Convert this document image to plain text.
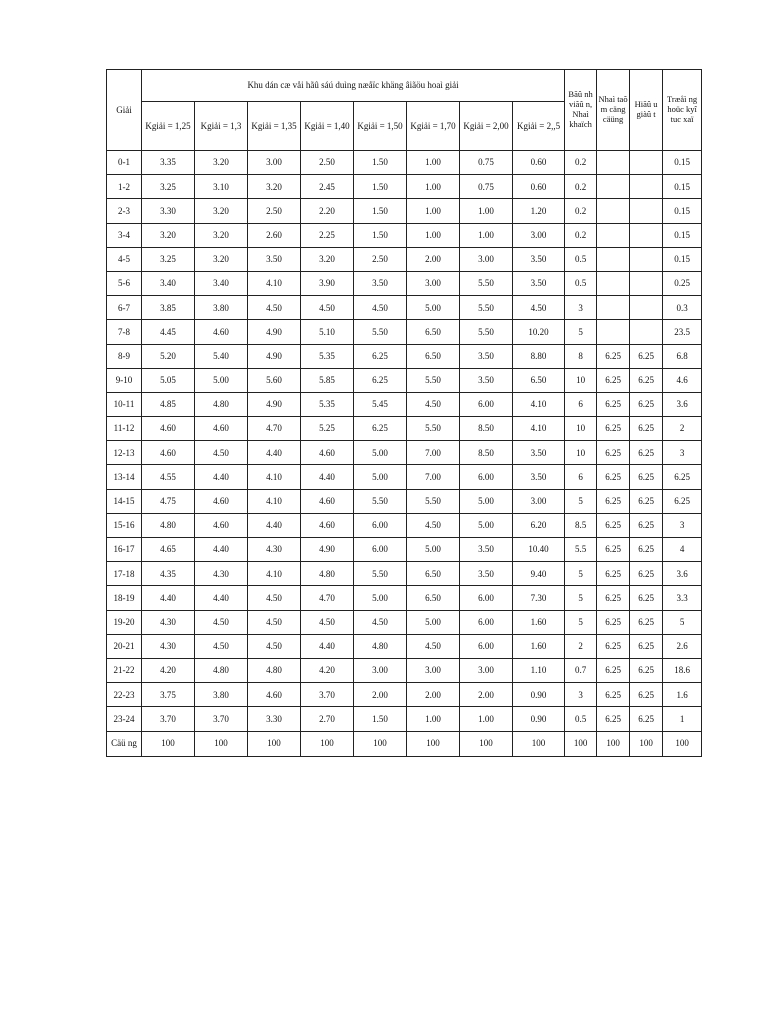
Giải	Khu dán cæ våi hãû sáú duìng næåïc khäng âiãöu hoaì giải								Bãû nh viãû n, Nhaì khaïch	Nhaì taõ m cäng cäüng	Hiãû u giàû t	Træåì ng hoüc kyî tuc xaï
	Kgiải = 1,25	Kgiải = 1,3	Kgiải = 1,35	Kgiải = 1,40	Kgiải = 1,50	Kgiải = 1,70	Kgiải = 2,00	Kgiải = 2,,5				
0-1	3.35	3.20	3.00	2.50	1.50	1.00	0.75	0.60	0.2			0.15
1-2	3.25	3.10	3.20	2.45	1.50	1.00	0.75	0.60	0.2			0.15
2-3	3.30	3.20	2.50	2.20	1.50	1.00	1.00	1.20	0.2			0.15
3-4	3.20	3.20	2.60	2.25	1.50	1.00	1.00	3.00	0.2			0.15
4-5	3.25	3.20	3.50	3.20	2.50	2.00	3.00	3.50	0.5			0.15
5-6	3.40	3.40	4.10	3.90	3.50	3.00	5.50	3.50	0.5			0.25
6-7	3.85	3.80	4.50	4.50	4.50	5.00	5.50	4.50	3			0.3
7-8	4.45	4.60	4.90	5.10	5.50	6.50	5.50	10.20	5			23.5
8-9	5.20	5.40	4.90	5.35	6.25	6.50	3.50	8.80	8	6.25	6.25	6.8
9-10	5.05	5.00	5.60	5.85	6.25	5.50	3.50	6.50	10	6.25	6.25	4.6
10-11	4.85	4.80	4.90	5.35	5.45	4.50	6.00	4.10	6	6.25	6.25	3.6
11-12	4.60	4.60	4.70	5.25	6.25	5.50	8.50	4.10	10	6.25	6.25	2
12-13	4.60	4.50	4.40	4.60	5.00	7.00	8.50	3.50	10	6.25	6.25	3
13-14	4.55	4.40	4.10	4.40	5.00	7.00	6.00	3.50	6	6.25	6.25	6.25
14-15	4.75	4.60	4.10	4.60	5.50	5.50	5.00	3.00	5	6.25	6.25	6.25
15-16	4.80	4.60	4.40	4.60	6.00	4.50	5.00	6.20	8.5	6.25	6.25	3
16-17	4.65	4.40	4.30	4.90	6.00	5.00	3.50	10.40	5.5	6.25	6.25	4
17-18	4.35	4.30	4.10	4.80	5.50	6.50	3.50	9.40	5	6.25	6.25	3.6
18-19	4.40	4.40	4.50	4.70	5.00	6.50	6.00	7.30	5	6.25	6.25	3.3
19-20	4.30	4.50	4.50	4.50	4.50	5.00	6.00	1.60	5	6.25	6.25	5
20-21	4.30	4.50	4.50	4.40	4.80	4.50	6.00	1.60	2	6.25	6.25	2.6
21-22	4.20	4.80	4.80	4.20	3.00	3.00	3.00	1.10	0.7	6.25	6.25	18.6
22-23	3.75	3.80	4.60	3.70	2.00	2.00	2.00	0.90	3	6.25	6.25	1.6
23-24	3.70	3.70	3.30	2.70	1.50	1.00	1.00	0.90	0.5	6.25	6.25	1
Cäü ng	100	100	100	100	100	100	100	100	100	100	100	100
